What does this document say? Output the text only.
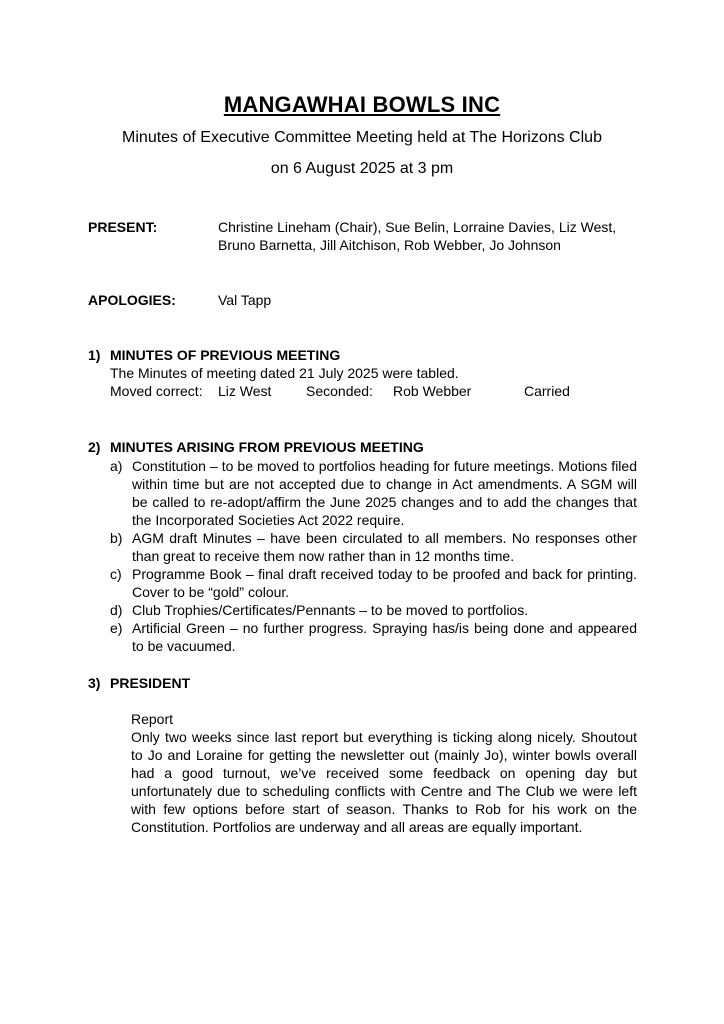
MANGAWHAI BOWLS INC
Minutes of Executive Committee Meeting held at The Horizons Club
on 6 August 2025 at 3 pm
PRESENT:	Christine Lineham (Chair), Sue Belin, Lorraine Davies, Liz West,
Bruno Barnetta, Jill Aitchison, Rob Webber, Jo Johnson
APOLOGIES:	Val Tapp
1) MINUTES OF PREVIOUS MEETING
The Minutes of meeting dated 21 July 2025 were tabled.
Moved correct: Liz West Seconded: Rob Webber	Carried
2) MINUTES ARISING FROM PREVIOUS MEETING
a) Constitution – to be moved to portfolios heading for future meetings. Motions filed within time but are not accepted due to change in Act amendments. A SGM will be called to re-adopt/affirm the June 2025 changes and to add the changes that the Incorporated Societies Act 2022 require.
b) AGM draft Minutes – have been circulated to all members. No responses other than great to receive them now rather than in 12 months time.
c) Programme Book – final draft received today to be proofed and back for printing. Cover to be “gold” colour.
d) Club Trophies/Certificates/Pennants – to be moved to portfolios.
e) Artificial Green – no further progress. Spraying has/is being done and appeared to be vacuumed.
3) PRESIDENT
Report
Only two weeks since last report but everything is ticking along nicely. Shoutout to Jo and Loraine for getting the newsletter out (mainly Jo), winter bowls overall had a good turnout, we’ve received some feedback on opening day but unfortunately due to scheduling conflicts with Centre and The Club we were left with few options before start of season. Thanks to Rob for his work on the Constitution. Portfolios are underway and all areas are equally important.
